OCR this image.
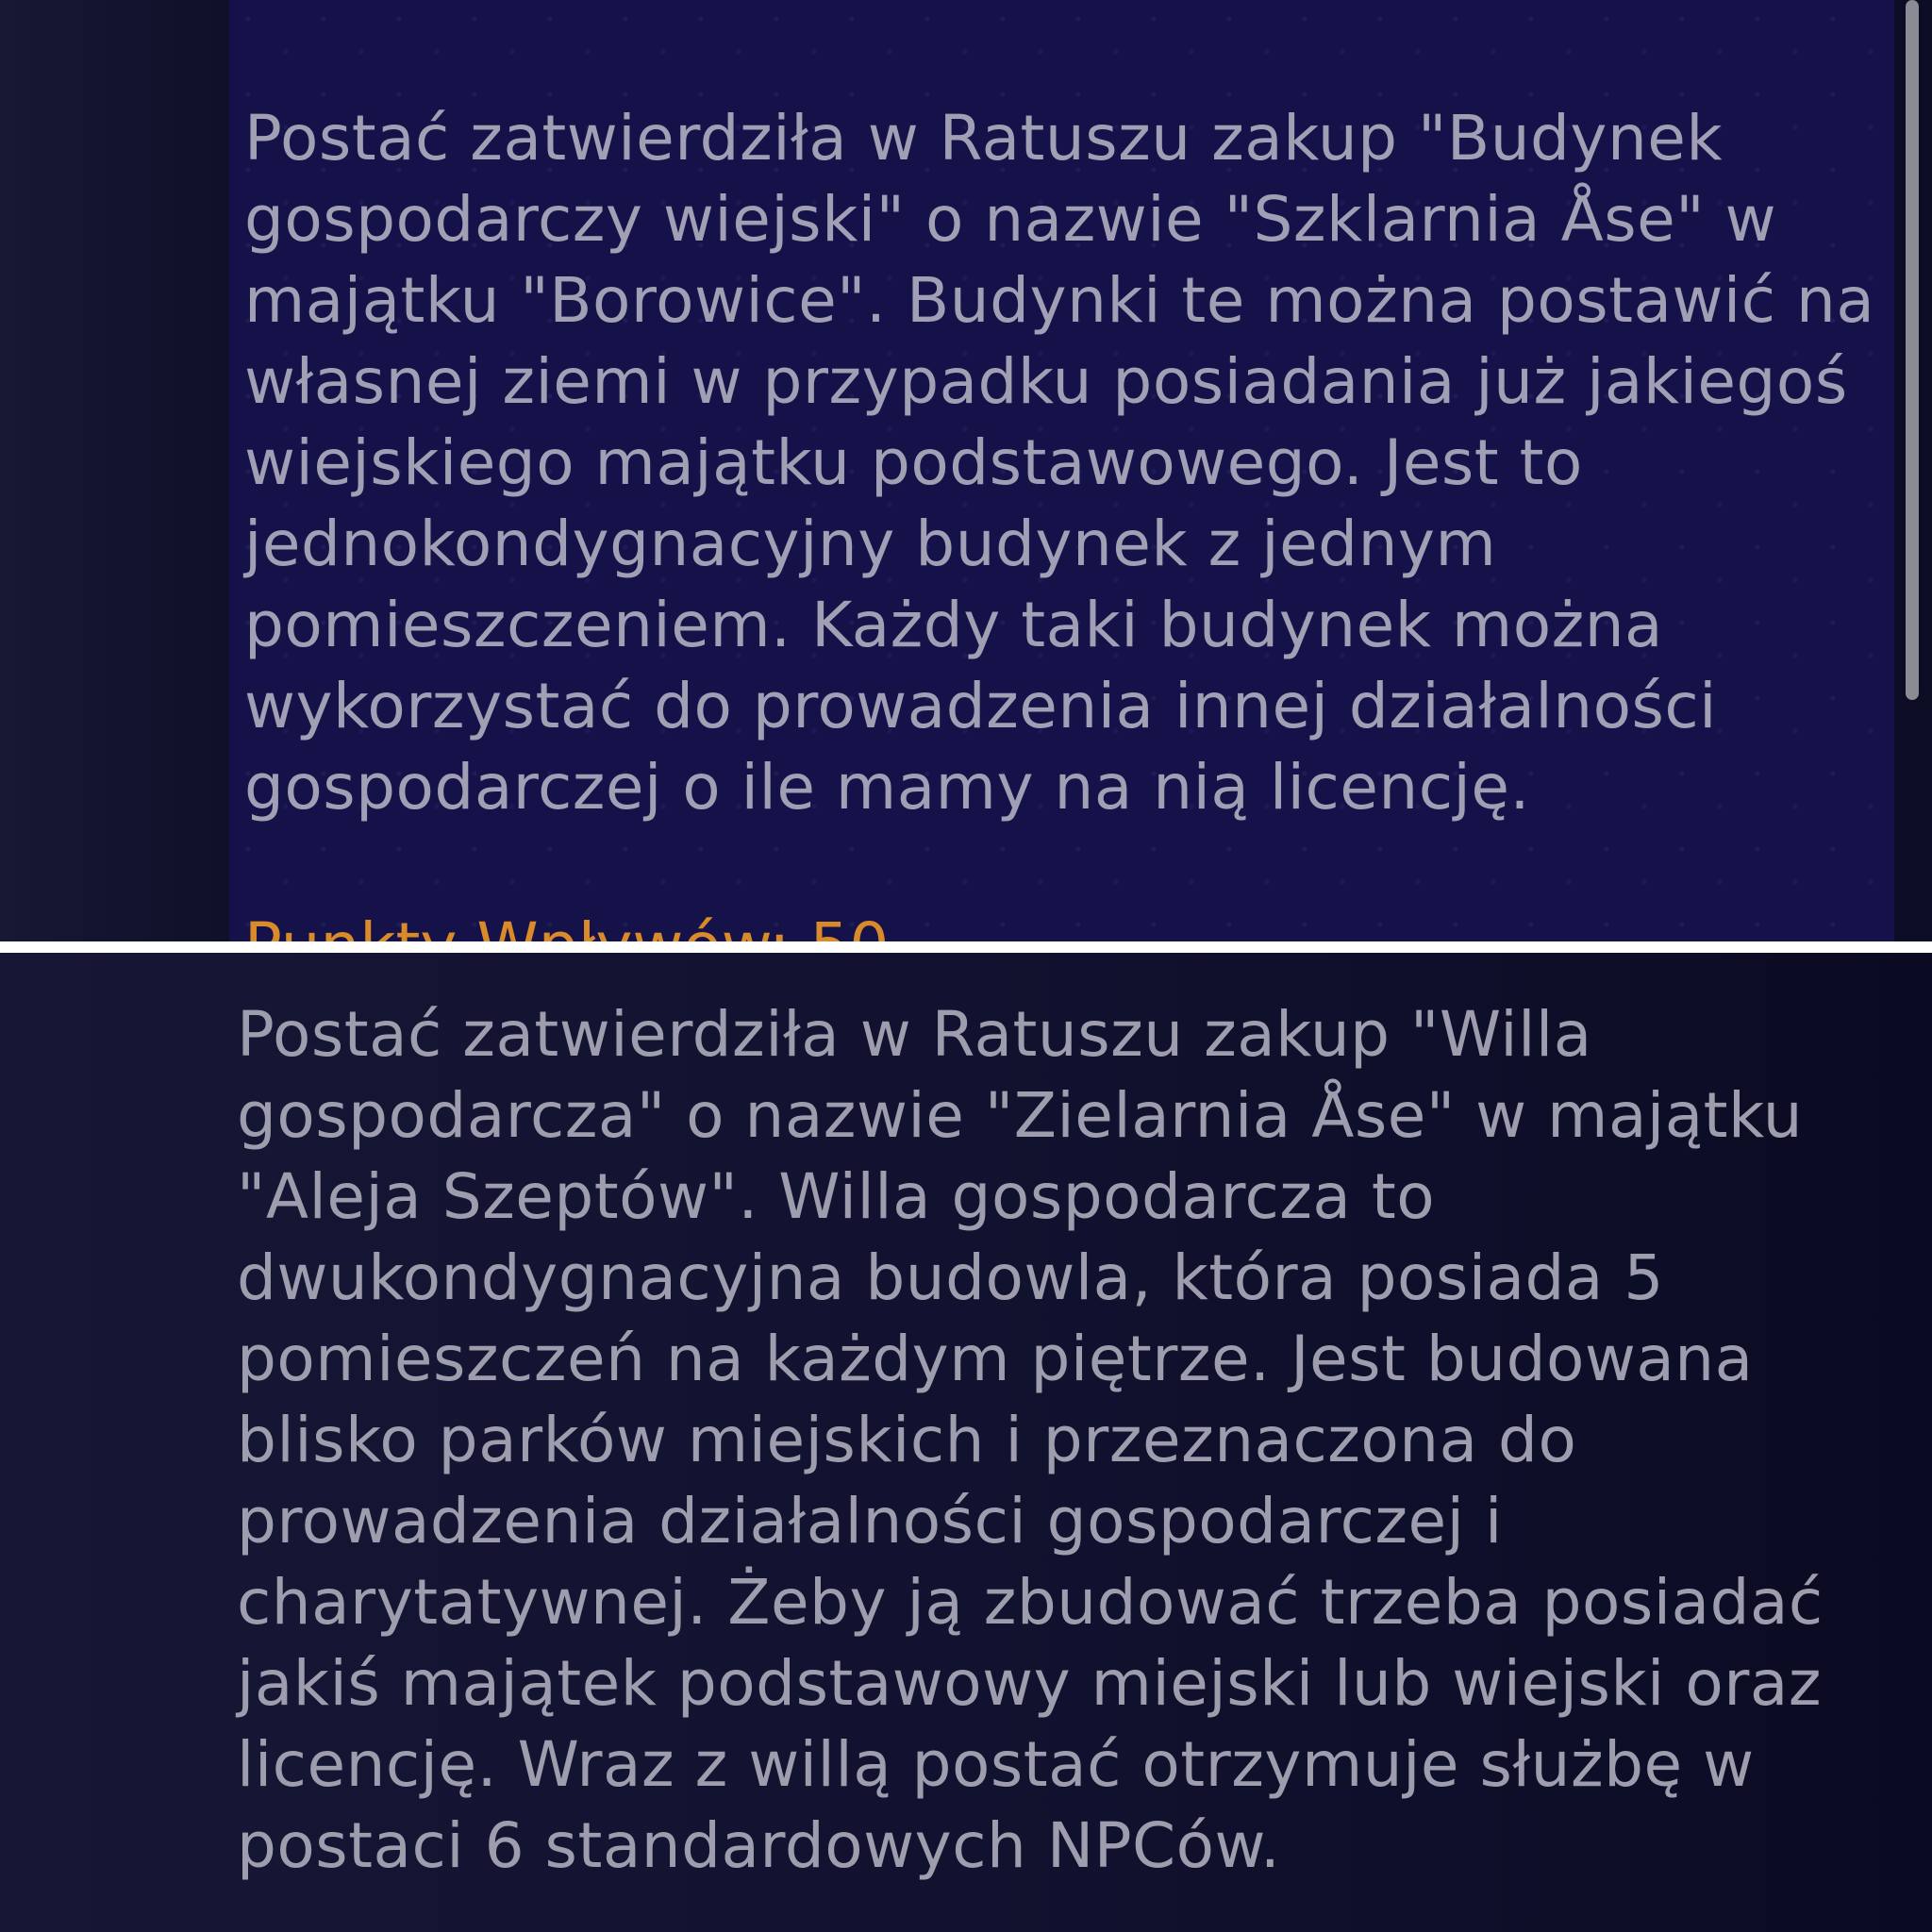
Postać zatwierdziła w Ratuszu zakup "Budynek gospodarczy wiejski" o nazwie "Szklarnia Åse" w majątku "Borowice". Budynki te można postawić na własnej ziemi w przypadku posiadania już jakiegoś wiejskiego majątku podstawowego. Jest to jednokondygnacyjny budynek z jednym pomieszczeniem. Każdy taki budynek można wykorzystać do prowadzenia innej działalności gospodarczej o ile mamy na nią licencję.

Postać zatwierdziła w Ratuszu zakup "Willa gospodarcza" o nazwie "Zielarnia Åse" w majątku "Aleja Szeptów". Willa gospodarcza to dwukondygnacyjna budowla, która posiada 5 pomieszczeń na każdym piętrze. Jest budowana blisko parków miejskich i przeznaczona do prowadzenia działalności gospodarczej i charytatywnej. Żeby ją zbudować trzeba posiadać jakiś majątek podstawowy miejski lub wiejski oraz licencję. Wraz z willą postać otrzymuje służbę w postaci 6 standardowych NPCów.
